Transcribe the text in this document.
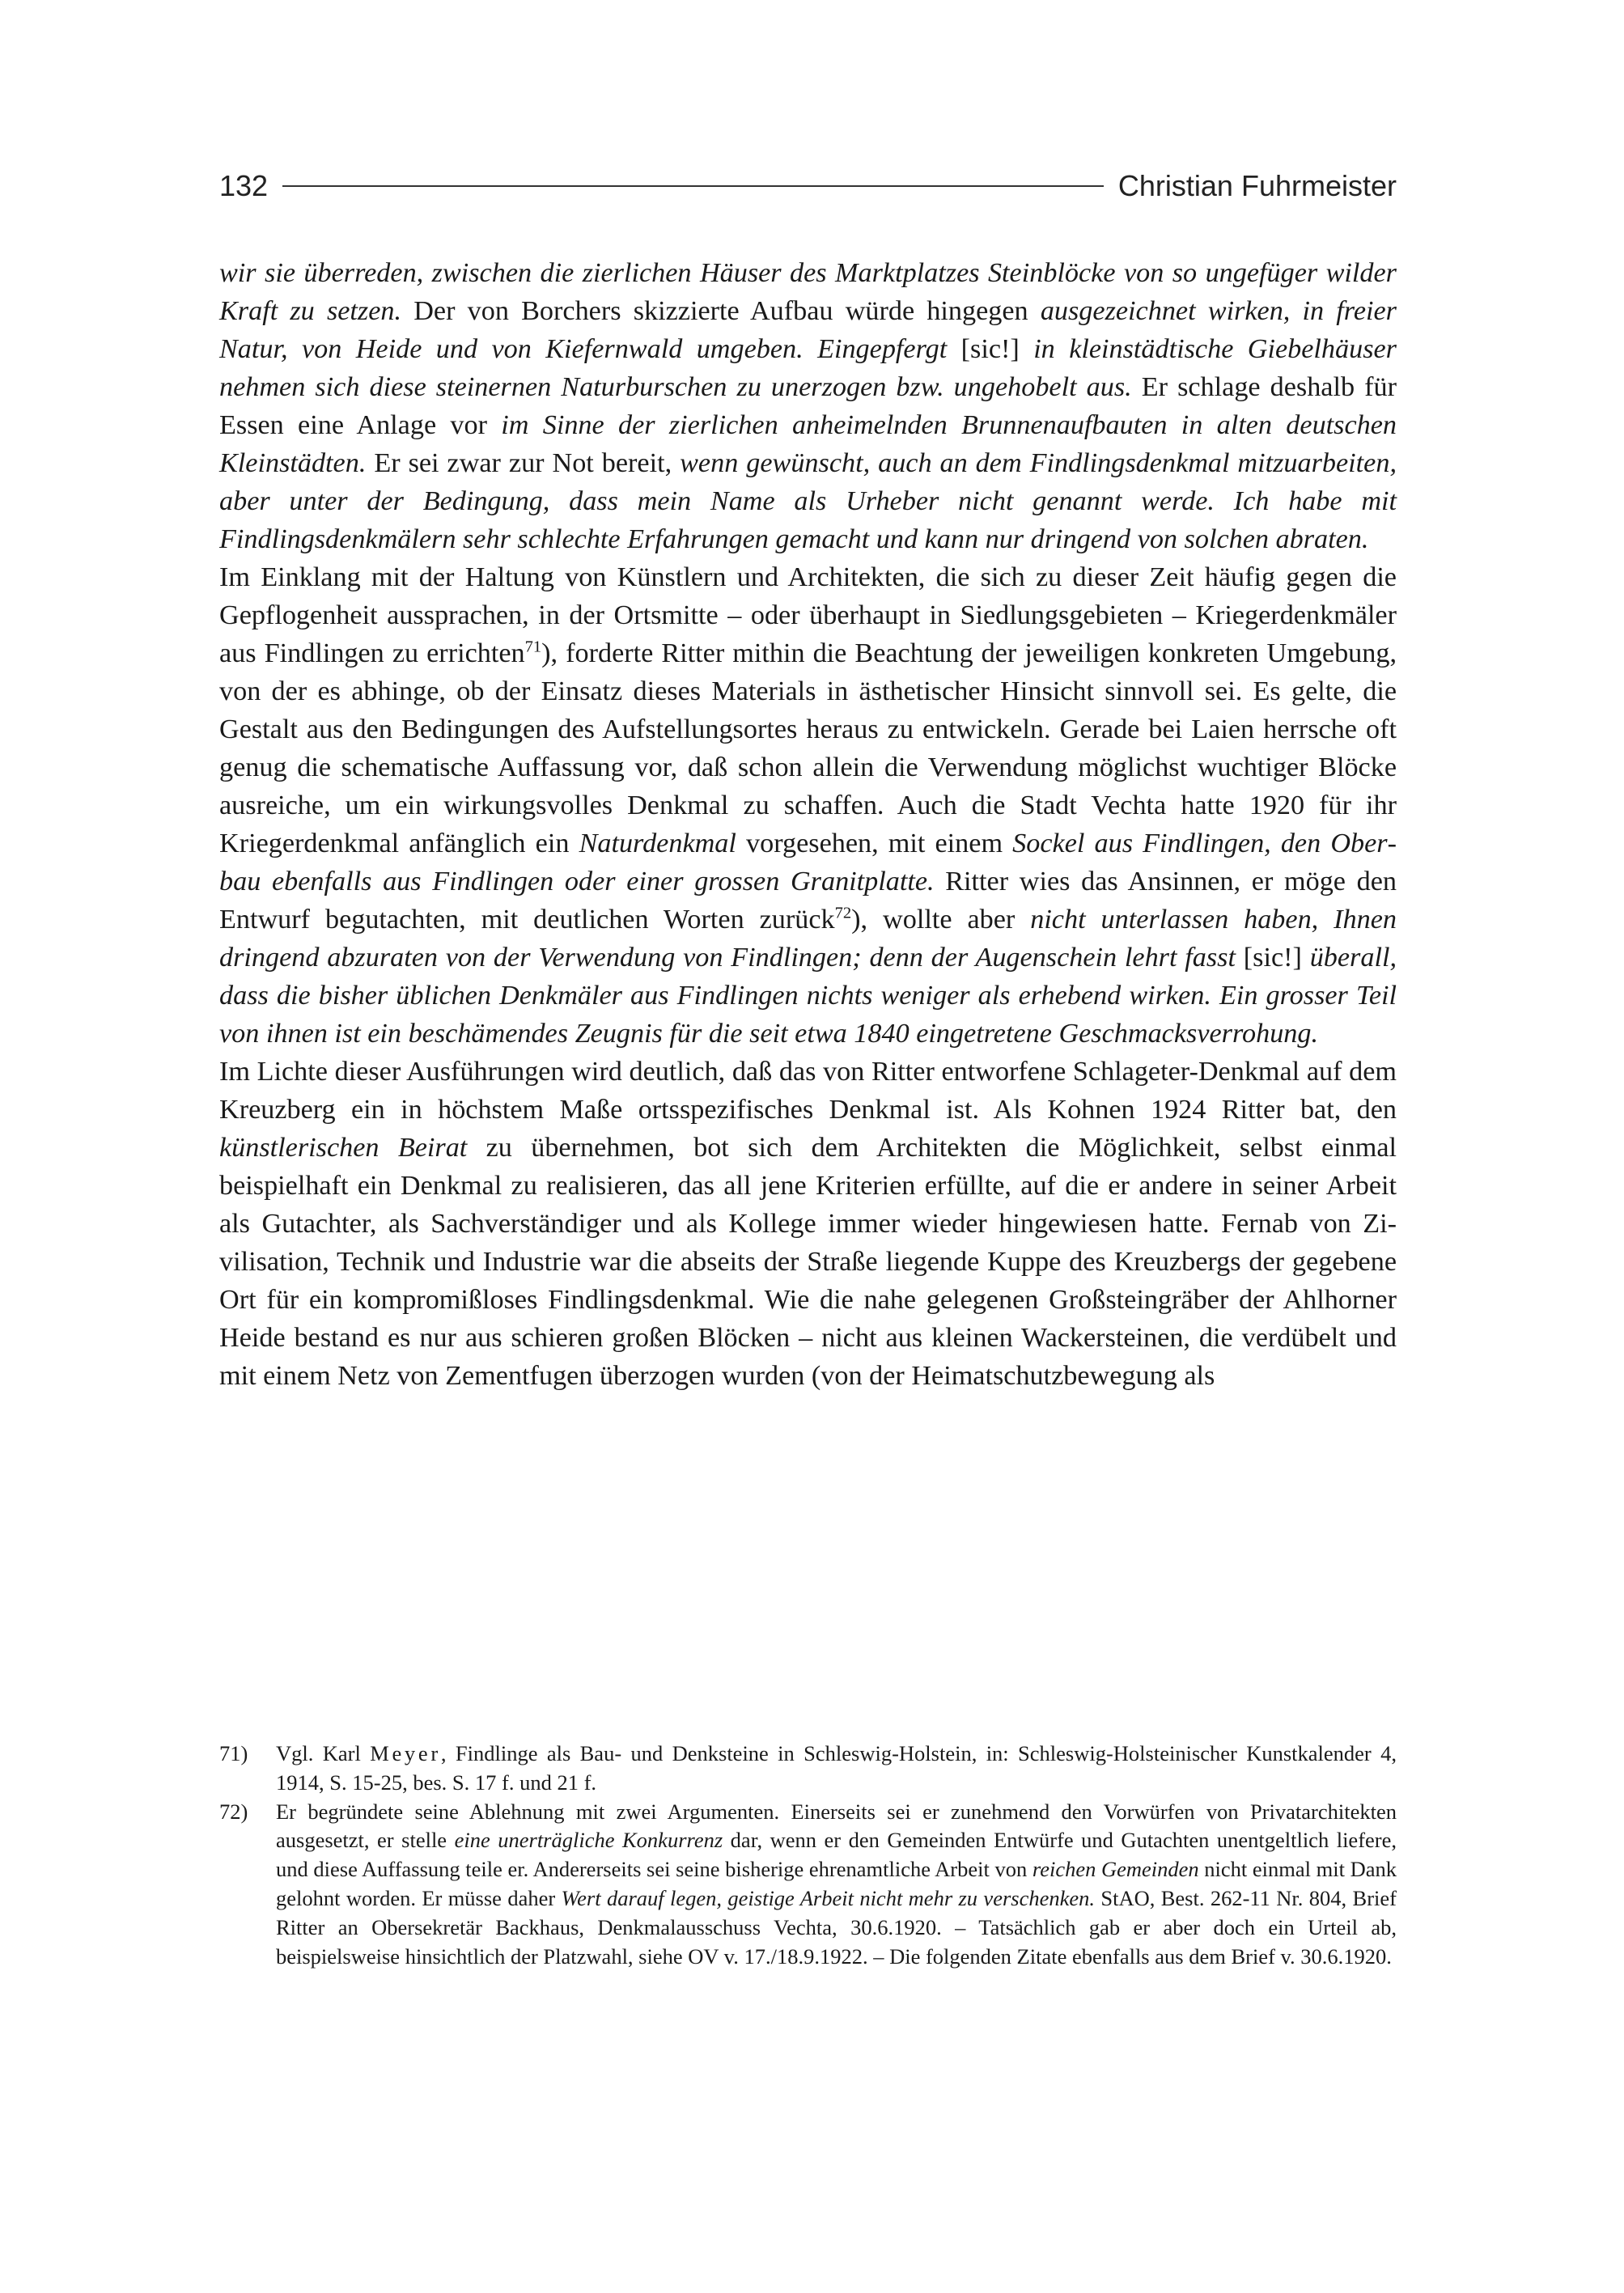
132	Christian Fuhrmeister

wir sie überreden, zwischen die zierlichen Häuser des Marktplatzes Steinblöcke von so ungefüger wilder Kraft zu setzen. Der von Borchers skizzierte Aufbau würde hingegen ausgezeichnet wirken, in freier Natur, von Heide und von Kiefernwald umgeben. Eingepfergt [sic!] in kleinstädtische Giebelhäuser nehmen sich diese steinernen Naturburschen zu unerzogen bzw. ungehobelt aus. Er schlage deshalb für Essen eine Anlage vor im Sinne der zierlichen anheimelnden Brunnenaufbauten in alten deutschen Kleinstädten. Er sei zwar zur Not bereit, wenn gewünscht, auch an dem Findlingsdenkmal mitzuarbeiten, aber unter der Bedingung, dass mein Name als Urheber nicht genannt werde. Ich habe mit Findlingsdenkmälern sehr schlechte Erfahrungen gemacht und kann nur dringend von solchen abraten.

Im Einklang mit der Haltung von Künstlern und Architekten, die sich zu dieser Zeit häufig gegen die Gepflogenheit aussprachen, in der Ortsmitte – oder überhaupt in Siedlungsgebieten – Kriegerdenkmäler aus Findlingen zu errichten$^{71}$), forderte Ritter mithin die Beachtung der jeweiligen konkreten Umgebung, von der es abhinge, ob der Einsatz dieses Materials in ästhetischer Hinsicht sinnvoll sei. Es gelte, die Gestalt aus den Bedingungen des Aufstellungsortes heraus zu entwickeln. Gerade bei Laien herrsche oft genug die schematische Auffassung vor, daß schon allein die Verwendung möglichst wuchtiger Blöcke ausreiche, um ein wirkungsvolles Denkmal zu schaffen. Auch die Stadt Vechta hatte 1920 für ihr Kriegerdenkmal anfänglich ein Naturdenkmal vorgesehen, mit einem Sockel aus Findlingen, den Oberbau ebenfalls aus Findlingen oder einer grossen Granitplatte. Ritter wies das Ansinnen, er möge den Entwurf begutachten, mit deutlichen Worten zurück$^{72}$), wollte aber nicht unterlassen haben, Ihnen dringend abzuraten von der Verwendung von Findlingen; denn der Augenschein lehrt fasst [sic!] überall, dass die bisher üblichen Denkmäler aus Findlingen nichts weniger als erhebend wirken. Ein grosser Teil von ihnen ist ein beschämendes Zeugnis für die seit etwa 1840 eingetretene Geschmacksverrohung.

Im Lichte dieser Ausführungen wird deutlich, daß das von Ritter entworfene Schlageter-Denkmal auf dem Kreuzberg ein in höchstem Maße ortsspezifisches Denkmal ist. Als Kohnen 1924 Ritter bat, den künstlerischen Beirat zu übernehmen, bot sich dem Architekten die Möglichkeit, selbst einmal beispielhaft ein Denkmal zu realisieren, das all jene Kriterien erfüllte, auf die er andere in seiner Arbeit als Gutachter, als Sachverständiger und als Kollege immer wieder hingewiesen hatte. Fernab von Zivilisation, Technik und Industrie war die abseits der Straße liegende Kuppe des Kreuzbergs der gegebene Ort für ein kompromißloses Findlingsdenkmal. Wie die nahe gelegenen Großsteingräber der Ahlhorner Heide bestand es nur aus schieren großen Blöcken – nicht aus kleinen Wackersteinen, die verdübelt und mit einem Netz von Zementfugen überzogen wurden (von der Heimatschutzbewegung als

71)	Vgl. Karl Meyer, Findlinge als Bau- und Denksteine in Schleswig-Holstein, in: Schleswig-Holsteinischer Kunstkalender 4, 1914, S. 15-25, bes. S. 17 f. und 21 f.
72)	Er begründete seine Ablehnung mit zwei Argumenten. Einerseits sei er zunehmend den Vorwürfen von Privatarchitekten ausgesetzt, er stelle eine unerträgliche Konkurrenz dar, wenn er den Gemeinden Entwürfe und Gutachten unentgeltlich liefere, und diese Auffassung teile er. Andererseits sei seine bisherige ehrenamtliche Arbeit von reichen Gemeinden nicht einmal mit Dank gelohnt worden. Er müsse daher Wert darauf legen, geistige Arbeit nicht mehr zu verschenken. StAO, Best. 262-11 Nr. 804, Brief Ritter an Obersekretär Backhaus, Denkmalausschuss Vechta, 30.6.1920. – Tatsächlich gab er aber doch ein Urteil ab, beispielsweise hinsichtlich der Platzwahl, siehe OV v. 17./18.9.1922. – Die folgenden Zitate ebenfalls aus dem Brief v. 30.6.1920.
